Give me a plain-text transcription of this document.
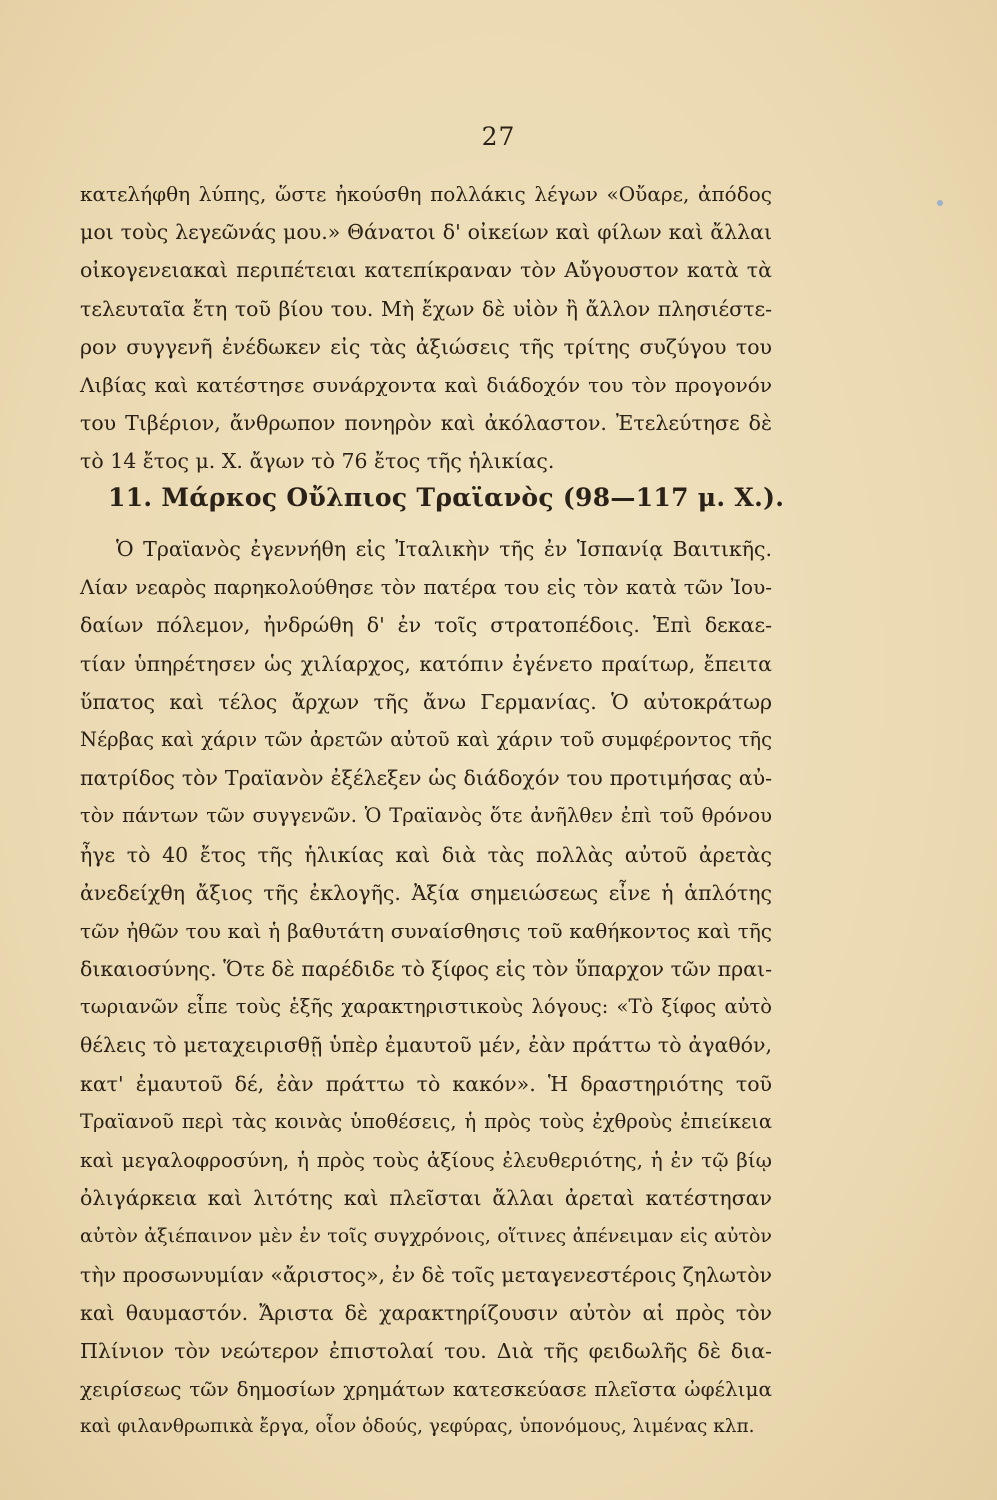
27
κατελήφθη λύπης, ὥστε ἠκούσθη πολλάκις λέγων «Οὔαρε, ἀπόδος
μοι τοὺς λεγεῶνάς μου.» Θάνατοι δ' οἰκείων καὶ φίλων καὶ ἄλλαι
οἰκογενειακαὶ περιπέτειαι κατεπίκραναν τὸν Αὔγουστον κατὰ τὰ
τελευταῖα ἔτη τοῦ βίου του. Μὴ ἔχων δὲ υἱὸν ἢ ἄλλον πλησιέστε-
ρον συγγενῆ ἐνέδωκεν εἰς τὰς ἀξιώσεις τῆς τρίτης συζύγου του
Λιβίας καὶ κατέστησε συνάρχοντα καὶ διάδοχόν του τὸν προγονόν
του Τιβέριον, ἄνθρωπον πονηρὸν καὶ ἀκόλαστον. Ἐτελεύτησε δὲ
τὸ 14 ἔτος μ. Χ. ἄγων τὸ 76 ἔτος τῆς ἡλικίας.
11. Μάρκος Οὔλπιος Τραϊανὸς (98—117 μ. Χ.).
Ὁ Τραϊανὸς ἐγεννήθη εἰς Ἰταλικὴν τῆς ἐν Ἱσπανίᾳ Βαιτικῆς.
Λίαν νεαρὸς παρηκολούθησε τὸν πατέρα του εἰς τὸν κατὰ τῶν Ἰου-
δαίων πόλεμον, ἠνδρώθη δ' ἐν τοῖς στρατοπέδοις. Ἐπὶ δεκαε-
τίαν ὑπηρέτησεν ὡς χιλίαρχος, κατόπιν ἐγένετο πραίτωρ, ἔπειτα
ὕπατος καὶ τέλος ἄρχων τῆς ἄνω Γερμανίας. Ὁ αὐτοκράτωρ
Νέρβας καὶ χάριν τῶν ἀρετῶν αὐτοῦ καὶ χάριν τοῦ συμφέροντος τῆς
πατρίδος τὸν Τραϊανὸν ἐξέλεξεν ὡς διάδοχόν του προτιμήσας αὐ-
τὸν πάντων τῶν συγγενῶν. Ὁ Τραϊανὸς ὅτε ἀνῆλθεν ἐπὶ τοῦ θρόνου
ἦγε τὸ 40 ἔτος τῆς ἡλικίας καὶ διὰ τὰς πολλὰς αὐτοῦ ἀρετὰς
ἀνεδείχθη ἄξιος τῆς ἐκλογῆς. Ἀξία σημειώσεως εἶνε ἡ ἁπλότης
τῶν ἠθῶν του καὶ ἡ βαθυτάτη συναίσθησις τοῦ καθήκοντος καὶ τῆς
δικαιοσύνης. Ὅτε δὲ παρέδιδε τὸ ξίφος εἰς τὸν ὕπαρχον τῶν πραι-
τωριανῶν εἶπε τοὺς ἑξῆς χαρακτηριστικοὺς λόγους: «Τὸ ξίφος αὐτὸ
θέλεις τὸ μεταχειρισθῇ ὑπὲρ ἐμαυτοῦ μέν, ἐὰν πράττω τὸ ἀγαθόν,
κατ' ἐμαυτοῦ δέ, ἐὰν πράττω τὸ κακόν». Ἡ δραστηριότης τοῦ
Τραϊανοῦ περὶ τὰς κοινὰς ὑποθέσεις, ἡ πρὸς τοὺς ἐχθροὺς ἐπιείκεια
καὶ μεγαλοφροσύνη, ἡ πρὸς τοὺς ἀξίους ἐλευθεριότης, ἡ ἐν τῷ βίῳ
ὀλιγάρκεια καὶ λιτότης καὶ πλεῖσται ἄλλαι ἀρεταὶ κατέστησαν
αὐτὸν ἀξιέπαινον μὲν ἐν τοῖς συγχρόνοις, οἵτινες ἀπένειμαν εἰς αὐτὸν
τὴν προσωνυμίαν «ἄριστος», ἐν δὲ τοῖς μεταγενεστέροις ζηλωτὸν
καὶ θαυμαστόν. Ἄριστα δὲ χαρακτηρίζουσιν αὐτὸν αἱ πρὸς τὸν
Πλίνιον τὸν νεώτερον ἐπιστολαί του. Διὰ τῆς φειδωλῆς δὲ δια-
χειρίσεως τῶν δημοσίων χρημάτων κατεσκεύασε πλεῖστα ὠφέλιμα
καὶ φιλανθρωπικὰ ἔργα, οἷον ὁδούς, γεφύρας, ὑπονόμους, λιμένας κλπ.
